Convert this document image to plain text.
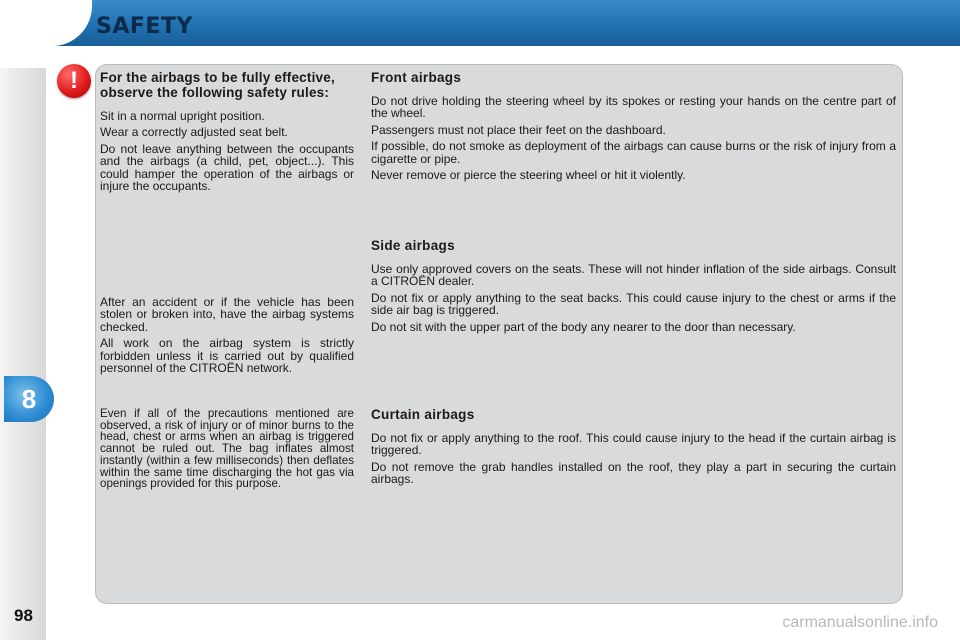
SAFETY
8
98
!	For the airbags to be fully effective, observe the following safety rules:

Sit in a normal upright position.

Wear a correctly adjusted seat belt.

Do not leave anything between the occupants and the airbags (a child, pet, object...). This could hamper the operation of the airbags or injure the occupants.

After an accident or if the vehicle has been stolen or broken into, have the airbag systems checked.

All work on the airbag system is strictly forbidden unless it is carried out by qualified personnel of the CITROËN network.

Even if all of the precautions mentioned are observed, a risk of injury or of minor burns to the head, chest or arms when an airbag is triggered cannot be ruled out. The bag inflates almost instantly (within a few milliseconds) then deflates within the same time discharging the hot gas via openings provided for this purpose.

Front airbags

Do not drive holding the steering wheel by its spokes or resting your hands on the centre part of the wheel.

Passengers must not place their feet on the dashboard.

If possible, do not smoke as deployment of the airbags can cause burns or the risk of injury from a cigarette or pipe.

Never remove or pierce the steering wheel or hit it violently.

Side airbags

Use only approved covers on the seats. These will not hinder inflation of the side airbags. Consult a CITROËN dealer.

Do not fix or apply anything to the seat backs. This could cause injury to the chest or arms if the side air bag is triggered.

Do not sit with the upper part of the body any nearer to the door than necessary.

Curtain airbags

Do not fix or apply anything to the roof. This could cause injury to the head if the curtain airbag is triggered.

Do not remove the grab handles installed on the roof, they play a part in securing the curtain airbags.

carmanualsonline.info
